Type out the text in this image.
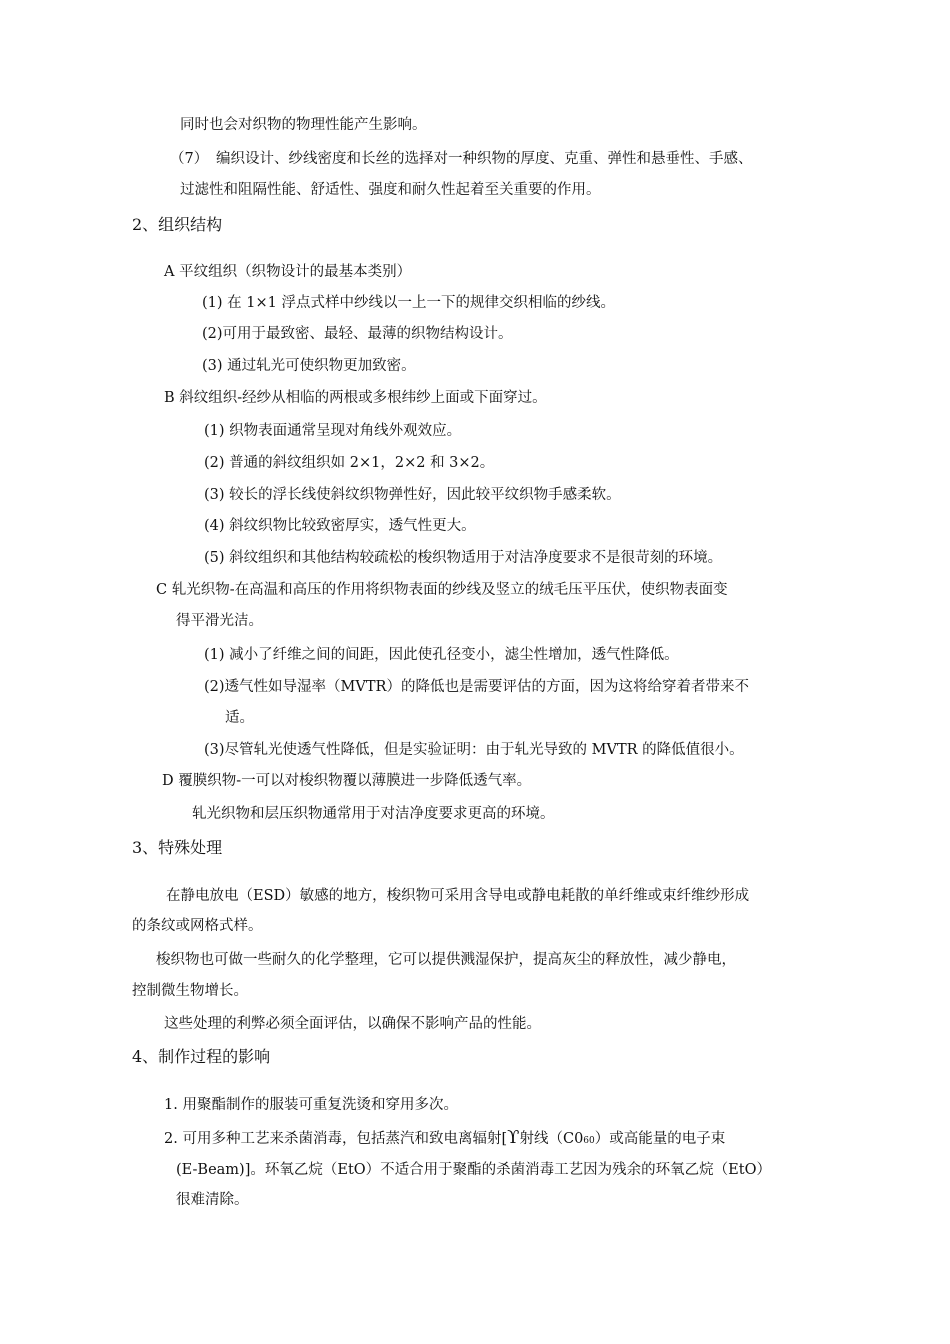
同时也会对织物的物理性能产生影响。
（7） 编织设计、纱线密度和长丝的选择对一种织物的厚度、克重、弹性和悬垂性、手感、
过滤性和阻隔性能、舒适性、强度和耐久性起着至关重要的作用。
2、组织结构
A 平纹组织（织物设计的最基本类别）
(1) 在 1×1 浮点式样中纱线以一上一下的规律交织相临的纱线。
(2)可用于最致密、最轻、最薄的织物结构设计。
(3) 通过轧光可使织物更加致密。
B 斜纹组织-经纱从相临的两根或多根纬纱上面或下面穿过。
(1) 织物表面通常呈现对角线外观效应。
(2) 普通的斜纹组织如 2×1，2×2 和 3×2。
(3) 较长的浮长线使斜纹织物弹性好，因此较平纹织物手感柔软。
(4) 斜纹织物比较致密厚实，透气性更大。
(5) 斜纹组织和其他结构较疏松的梭织物适用于对洁净度要求不是很苛刻的环境。
C 轧光织物-在高温和高压的作用将织物表面的纱线及竖立的绒毛压平压伏，使织物表面变
得平滑光洁。
(1) 减小了纤维之间的间距，因此使孔径变小，滤尘性增加，透气性降低。
(2)透气性如导湿率（MVTR）的降低也是需要评估的方面，因为这将给穿着者带来不
适。
(3)尽管轧光使透气性降低，但是实验证明：由于轧光导致的 MVTR 的降低值很小。
D 覆膜织物-一可以对梭织物覆以薄膜进一步降低透气率。
轧光织物和层压织物通常用于对洁净度要求更高的环境。
3、特殊处理
在静电放电（ESD）敏感的地方，梭织物可采用含导电或静电耗散的单纤维或束纤维纱形成
的条纹或网格式样。
梭织物也可做一些耐久的化学整理，它可以提供溅湿保护，提高灰尘的释放性，减少静电，
控制微生物增长。
这些处理的利弊必须全面评估，以确保不影响产品的性能。
4、制作过程的影响
1. 用聚酯制作的服装可重复洗烫和穿用多次。
2. 可用多种工艺来杀菌消毒，包括蒸汽和致电离辐射[ϒ射线（C060）或高能量的电子束
(E-Beam)]。环氧乙烷（EtO）不适合用于聚酯的杀菌消毒工艺因为残余的环氧乙烷（EtO）
很难清除。
